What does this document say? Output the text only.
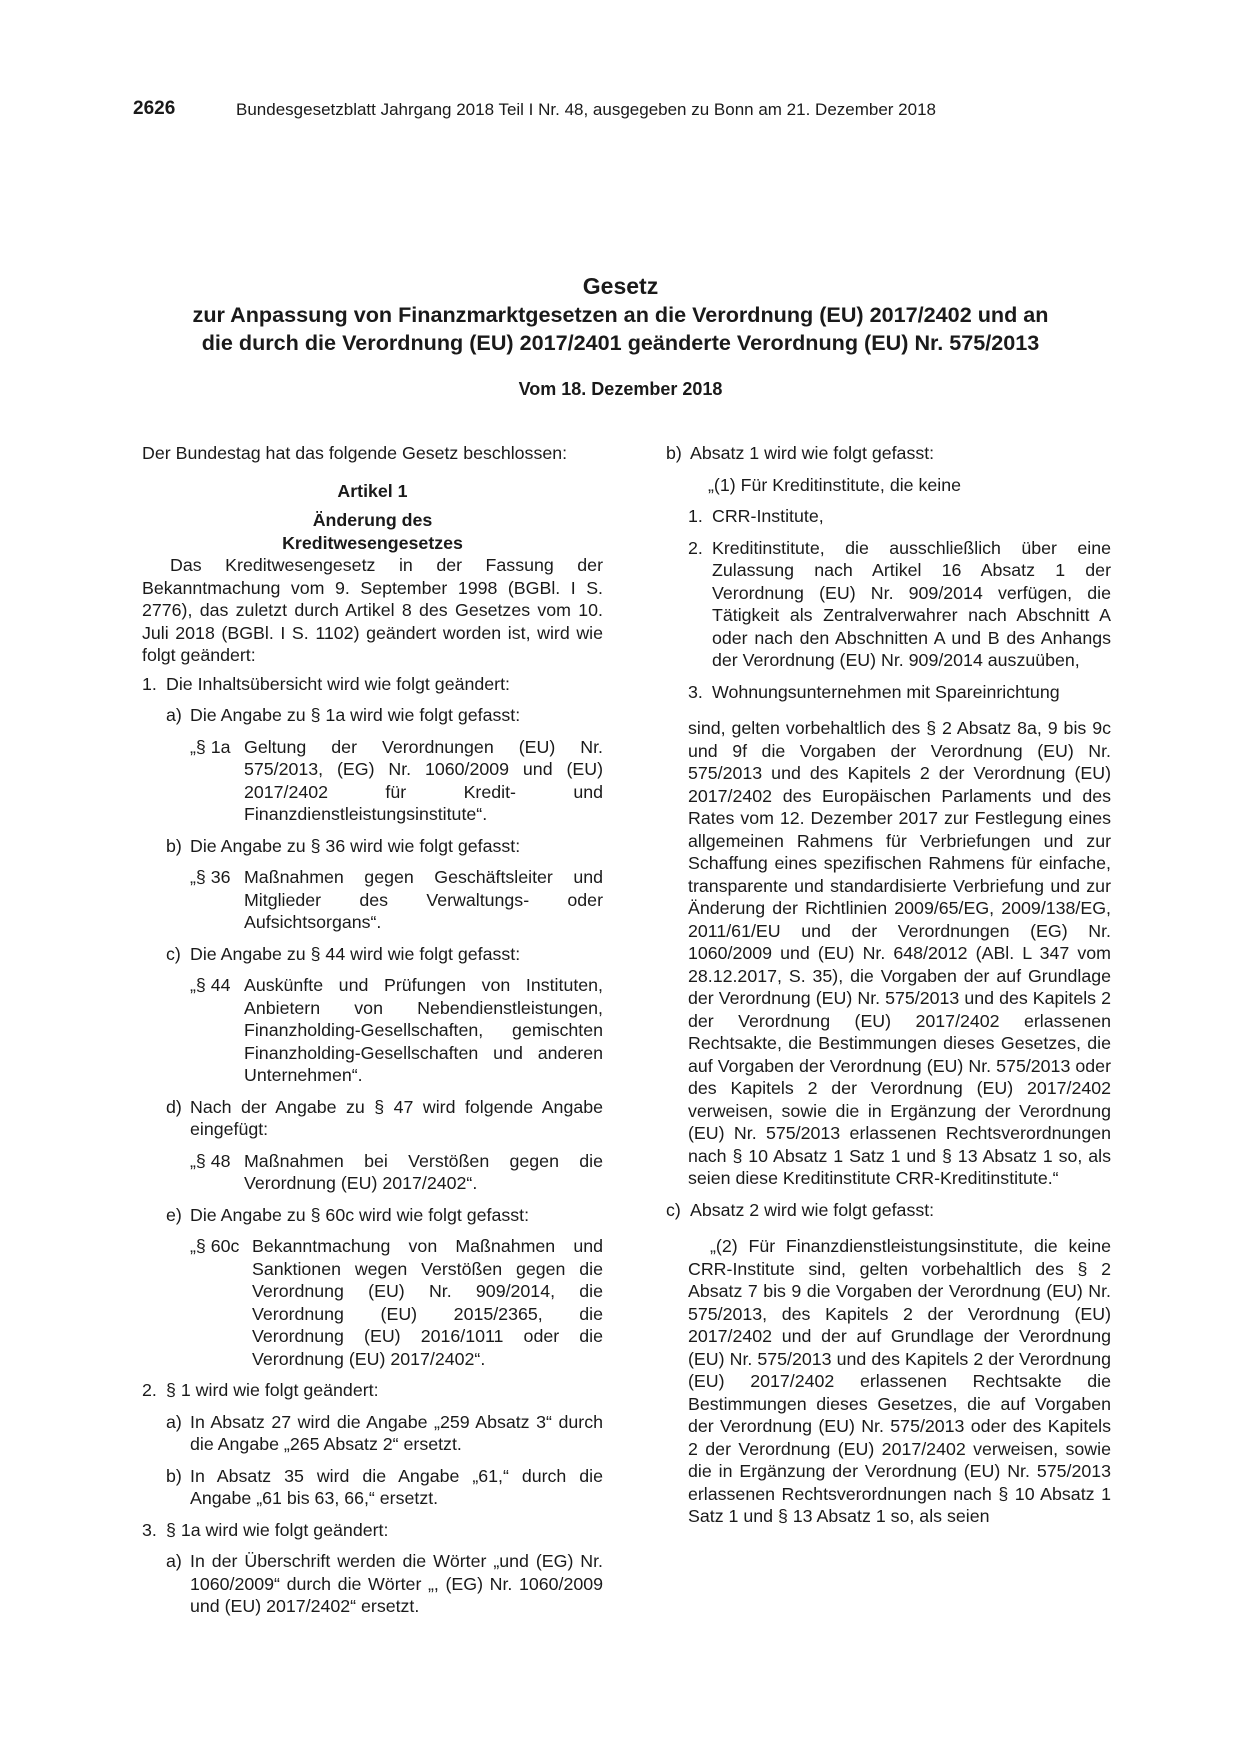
2626	Bundesgesetzblatt Jahrgang 2018 Teil I Nr. 48, ausgegeben zu Bonn am 21. Dezember 2018
Gesetz
zur Anpassung von Finanzmarktgesetzen an die Verordnung (EU) 2017/2402 und an
die durch die Verordnung (EU) 2017/2401 geänderte Verordnung (EU) Nr. 575/2013
Vom 18. Dezember 2018

Der Bundestag hat das folgende Gesetz beschlossen:

Artikel 1

Änderung des

Kreditwesengesetzes

Das Kreditwesengesetz in der Fassung der Bekanntmachung vom 9. September 1998 (BGBl. I S. 2776), das zuletzt durch Artikel 8 des Gesetzes vom 10. Juli 2018 (BGBl. I S. 1102) geändert worden ist, wird wie folgt geändert:

1. Die Inhaltsübersicht wird wie folgt geändert:
a) Die Angabe zu § 1a wird wie folgt gefasst:
„§ 1a Geltung der Verordnungen (EU) Nr. 575/2013, (EG) Nr. 1060/2009 und (EU) 2017/2402 für Kredit- und Finanzdienstleistungsinstitute“.
b) Die Angabe zu § 36 wird wie folgt gefasst:
„§ 36 Maßnahmen gegen Geschäftsleiter und Mitglieder des Verwaltungs- oder Aufsichtsorgans“.
c) Die Angabe zu § 44 wird wie folgt gefasst:
„§ 44 Auskünfte und Prüfungen von Instituten, Anbietern von Nebendienstleistungen, Finanzholding-Gesellschaften, gemischten Finanzholding-Gesellschaften und anderen Unternehmen“.
d) Nach der Angabe zu § 47 wird folgende Angabe eingefügt:
„§ 48 Maßnahmen bei Verstößen gegen die Verordnung (EU) 2017/2402“.
e) Die Angabe zu § 60c wird wie folgt gefasst:
„§ 60c Bekanntmachung von Maßnahmen und Sanktionen wegen Verstößen gegen die Verordnung (EU) Nr. 909/2014, die Verordnung (EU) 2015/2365, die Verordnung (EU) 2016/1011 oder die Verordnung (EU) 2017/2402“.
2. § 1 wird wie folgt geändert:
a) In Absatz 27 wird die Angabe „259 Absatz 3“ durch die Angabe „265 Absatz 2“ ersetzt.
b) In Absatz 35 wird die Angabe „61,“ durch die Angabe „61 bis 63, 66,“ ersetzt.
3. § 1a wird wie folgt geändert:
a) In der Überschrift werden die Wörter „und (EG) Nr. 1060/2009“ durch die Wörter „, (EG) Nr. 1060/2009 und (EU) 2017/2402“ ersetzt.
b) Absatz 1 wird wie folgt gefasst:

„(1) Für Kreditinstitute, die keine

1. CRR-Institute,
2. Kreditinstitute, die ausschließlich über eine Zulassung nach Artikel 16 Absatz 1 der Verordnung (EU) Nr. 909/2014 verfügen, die Tätigkeit als Zentralverwahrer nach Abschnitt A oder nach den Abschnitten A und B des Anhangs der Verordnung (EU) Nr. 909/2014 auszuüben,
3. Wohnungsunternehmen mit Spareinrichtung

sind, gelten vorbehaltlich des § 2 Absatz 8a, 9 bis 9c und 9f die Vorgaben der Verordnung (EU) Nr. 575/2013 und des Kapitels 2 der Verordnung (EU) 2017/2402 des Europäischen Parlaments und des Rates vom 12. Dezember 2017 zur Festlegung eines allgemeinen Rahmens für Verbriefungen und zur Schaffung eines spezifischen Rahmens für einfache, transparente und standardisierte Verbriefung und zur Änderung der Richtlinien 2009/65/EG, 2009/138/EG, 2011/61/EU und der Verordnungen (EG) Nr. 1060/2009 und (EU) Nr. 648/2012 (ABl. L 347 vom 28.12.2017, S. 35), die Vorgaben der auf Grundlage der Verordnung (EU) Nr. 575/2013 und des Kapitels 2 der Verordnung (EU) 2017/2402 erlassenen Rechtsakte, die Bestimmungen dieses Gesetzes, die auf Vorgaben der Verordnung (EU) Nr. 575/2013 oder des Kapitels 2 der Verordnung (EU) 2017/2402 verweisen, sowie die in Ergänzung der Verordnung (EU) Nr. 575/2013 erlassenen Rechtsverordnungen nach § 10 Absatz 1 Satz 1 und § 13 Absatz 1 so, als seien diese Kreditinstitute CRR-Kreditinstitute.“

c) Absatz 2 wird wie folgt gefasst:

„(2) Für Finanzdienstleistungsinstitute, die keine CRR-Institute sind, gelten vorbehaltlich des § 2 Absatz 7 bis 9 die Vorgaben der Verordnung (EU) Nr. 575/2013, des Kapitels 2 der Verordnung (EU) 2017/2402 und der auf Grundlage der Verordnung (EU) Nr. 575/2013 und des Kapitels 2 der Verordnung (EU) 2017/2402 erlassenen Rechtsakte die Bestimmungen dieses Gesetzes, die auf Vorgaben der Verordnung (EU) Nr. 575/2013 oder des Kapitels 2 der Verordnung (EU) 2017/2402 verweisen, sowie die in Ergänzung der Verordnung (EU) Nr. 575/2013 erlassenen Rechtsverordnungen nach § 10 Absatz 1 Satz 1 und § 13 Absatz 1 so, als seien
